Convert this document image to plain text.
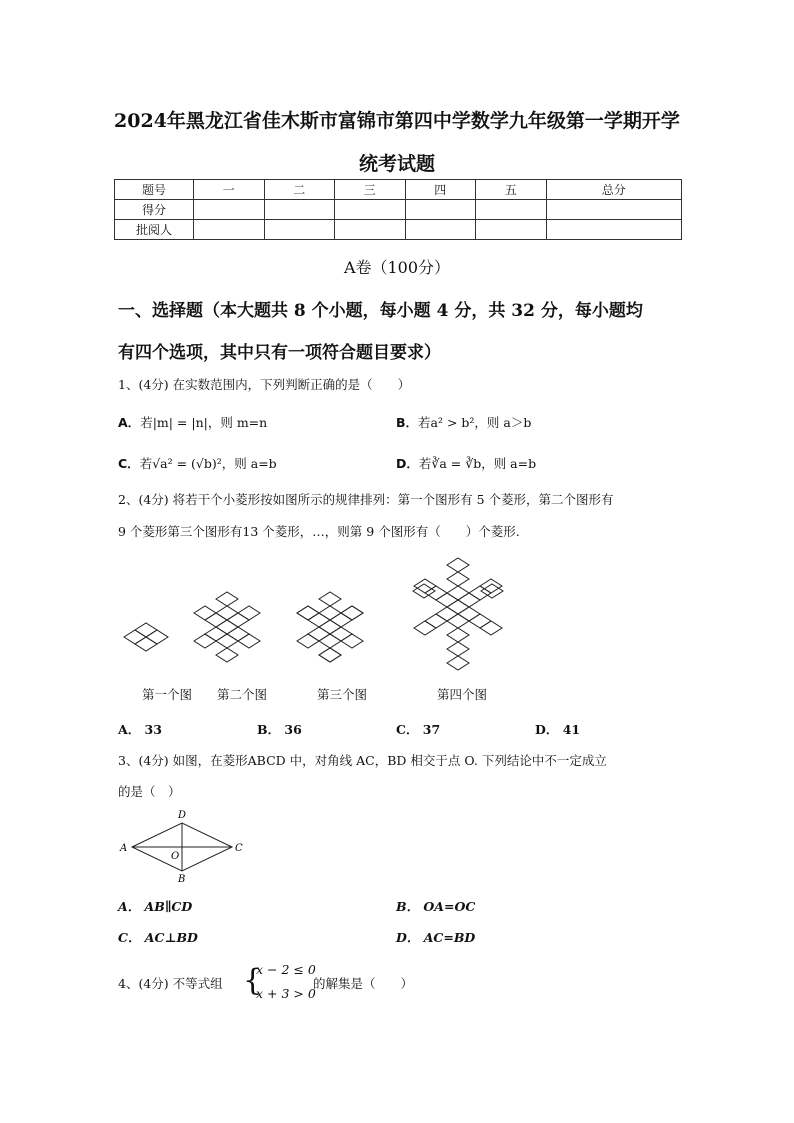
2024年黑龙江省佳木斯市富锦市第四中学数学九年级第一学期开学
统考试题
题号	一	二	三	四	五	总分
得分						
批阅人						
A卷（100分）
一、选择题（本大题共 8 个小题，每小题 4 分，共 32 分，每小题均
有四个选项，其中只有一项符合题目要求）
1、(4分) 在实数范围内，下列判断正确的是（　　）
A．若|m| = |n|，则 m=n	B．若a² > b²，则 a＞b
C．若√a² = (√b)²，则 a=b	D．若∛a = ∛b，则 a=b
2、(4分) 将若干个小菱形按如图所示的规律排列：第一个图形有 5 个菱形，第二个图形有
9 个菱形第三个图形有13 个菱形，…，则第 9 个图形有（　　）个菱形.
第一个图 第二个图	第三个图	第四个图
A． 33	B． 36	C． 37	D． 41
3、(4分) 如图，在菱形ABCD 中，对角线 AC，BD 相交于点 O. 下列结论中不一定成立
的是（　）
A
B
C
D
O
A． AB∥CD	B． OA=OC
C． AC⊥BD	D． AC=BD
4、(4分) 不等式组 {
x − 2 ≤ 0
x + 3 > 0
的解集是（　　）
